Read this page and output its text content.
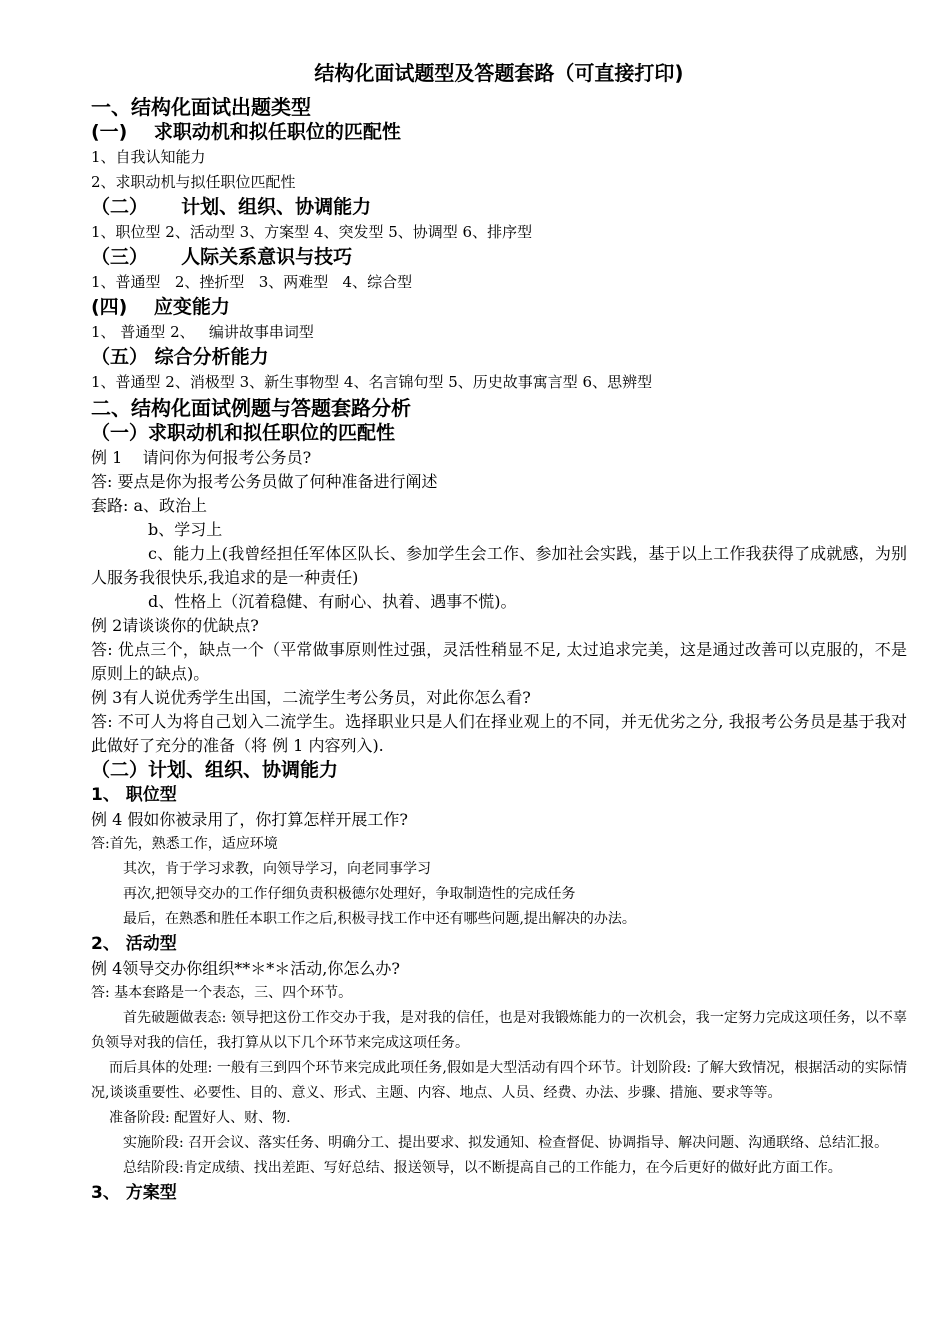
结构化面试题型及答题套路（可直接打印)
一、结构化面试出题类型
(一)    求职动机和拟任职位的匹配性
1、自我认知能力
2、求职动机与拟任职位匹配性
（二）     计划、组织、协调能力
1、职位型 2、活动型 3、方案型 4、突发型 5、协调型 6、排序型
（三）     人际关系意识与技巧
1、普通型   2、挫折型   3、两难型   4、综合型
(四)    应变能力
1、 普通型 2、   编讲故事串词型
（五） 综合分析能力
1、普通型 2、消极型 3、新生事物型 4、名言锦句型 5、历史故事寓言型 6、思辨型
二、结构化面试例题与答题套路分析
（一）求职动机和拟任职位的匹配性
例 1    请问你为何报考公务员?
答: 要点是你为报考公务员做了何种准备进行阐述
套路: a、政治上
b、学习上
c、能力上(我曾经担任军体区队长、参加学生会工作、参加社会实践，基于以上工作我获得了成就感，为别人服务我很快乐,我追求的是一种责任)
d、性格上（沉着稳健、有耐心、执着、遇事不慌)。
例 2请谈谈你的优缺点?
答: 优点三个，缺点一个（平常做事原则性过强，灵活性稍显不足, 太过追求完美，这是通过改善可以克服的，不是原则上的缺点)。
例 3有人说优秀学生出国，二流学生考公务员，对此你怎么看?
答: 不可人为将自己划入二流学生。选择职业只是人们在择业观上的不同，并无优劣之分, 我报考公务员是基于我对此做好了充分的准备（将 例 1 内容列入).
（二）计划、组织、协调能力
1、 职位型
例 4 假如你被录用了，你打算怎样开展工作?
答:首先，熟悉工作，适应环境
其次，肯于学习求教，向领导学习，向老同事学习
再次,把领导交办的工作仔细负责积极德尔处理好，争取制造性的完成任务
最后，在熟悉和胜任本职工作之后,积极寻找工作中还有哪些问题,提出解决的办法。
2、 活动型
例 4领导交办你组织**＊*＊活动,你怎么办?
答: 基本套路是一个表态，三、四个环节。
首先破题做表态: 领导把这份工作交办于我，是对我的信任，也是对我锻炼能力的一次机会，我一定努力完成这项任务，以不辜负领导对我的信任，我打算从以下几个环节来完成这项任务。
而后具体的处理: 一般有三到四个环节来完成此项任务,假如是大型活动有四个环节。计划阶段: 了解大致情况，根据活动的实际情况,谈谈重要性、必要性、目的、意义、形式、主题、内容、地点、人员、经费、办法、步骤、措施、要求等等。
准备阶段: 配置好人、财、物.
实施阶段: 召开会议、落实任务、明确分工、提出要求、拟发通知、检查督促、协调指导、解决问题、沟通联络、总结汇报。
总结阶段:肯定成绩、找出差距、写好总结、报送领导，以不断提高自己的工作能力，在今后更好的做好此方面工作。
3、 方案型
